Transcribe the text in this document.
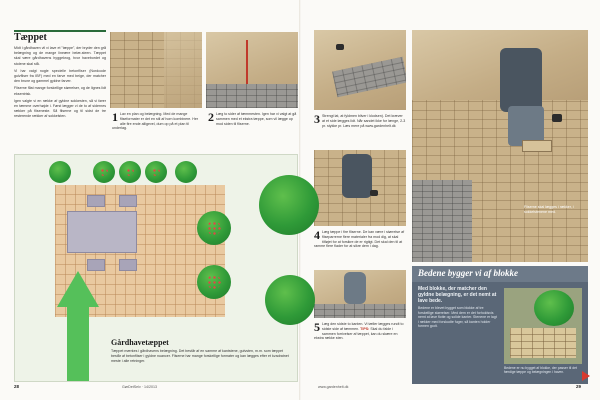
Tæppet

Midt i gårdhaven vil vi lave et "tæppe", der bryder den grå belægning og de mange lineære belæ-steen. Tæppet skal være gårdhavens hyggekrog, hvor havebordet og stolene skal stå.

Vi har valgt nogle specielle betonfliser (Nordcode gulvfliser fra IBF) med en farve med beige, der matcher den brune og gammel gyldne farver.

Fliserne fåst mange forskellige størrelser, og de lignes lidt eksentrisk.

Igen valgte vi en række af gyldne sokkesten, så vi fører en tæmme overhøjde i. Først lægger vi de to af sidernes rækker på fliseneste. Så fliserne og til sidst de tre resterende rækker af sokkelsten.	1 Lav en plan og belægning. Med de mange fliseformater er det en stil af horn kombinere. Her alle fire ende alligevel, dum op på et plan til underlag.
2 Læg to sider af tæmmesten. Igen har vi valgt at gå sammen med et ekstra tæppe, som vil lægge op mod siden til fliserne.	3 Strengt lat, at fyldmen bliver i klodsen). Det kræver at et side lægges lidt. Når sandet ikke for længe, 2-3 pr. stykke pr. Læs mere på www.gardenhelt.dk
4 Læg tæppe i fire fliserne. De kan være i størrelse af fliseparrerne flere materialer fra mod dig, at skal tilføjet for at forsikre de er rigtigt. Det skal den til at ramme flere flader for at sikre dem i dag.
5 Læg den sidste to kanten. Vi tæller lægges rundt to sidste side af tæmmen. TIPS: Skal du falde i sammen forrivelser af tæppet, kan du skære en ekstra række sten.
Gårdhavetæppet
Tæppet mærkes i gårdhavens belægning. Det består af en samme af kantstene, gulvsten, m.m. som tæppet består af betonfliser i gyldne nuancer. Fliserne har mange forskellige formater og kan lægges efter et kvadratnet meste i alle retninger.
28	GørDetSelv · 14/2013
Fliserne skal lægges i rækker, i sokkelstenene med.
Bedene bygger vi af blokke
Med blokke, der matcher den gyldne belægning, er det nemt at lave bede.
Bedene er blevet bygget som blokke af tre forskellige størrelser. Med dem er det forholdsvis nemt at lave flotte og solide kanter. Stenene er lagt i rækker med forskudte fuger, så kanten holder formen godt.
Bedene er nu bygget af blokke, der passer til det færdige tæppe og belægningen i haven.
www.gardenhelt.dk	29
